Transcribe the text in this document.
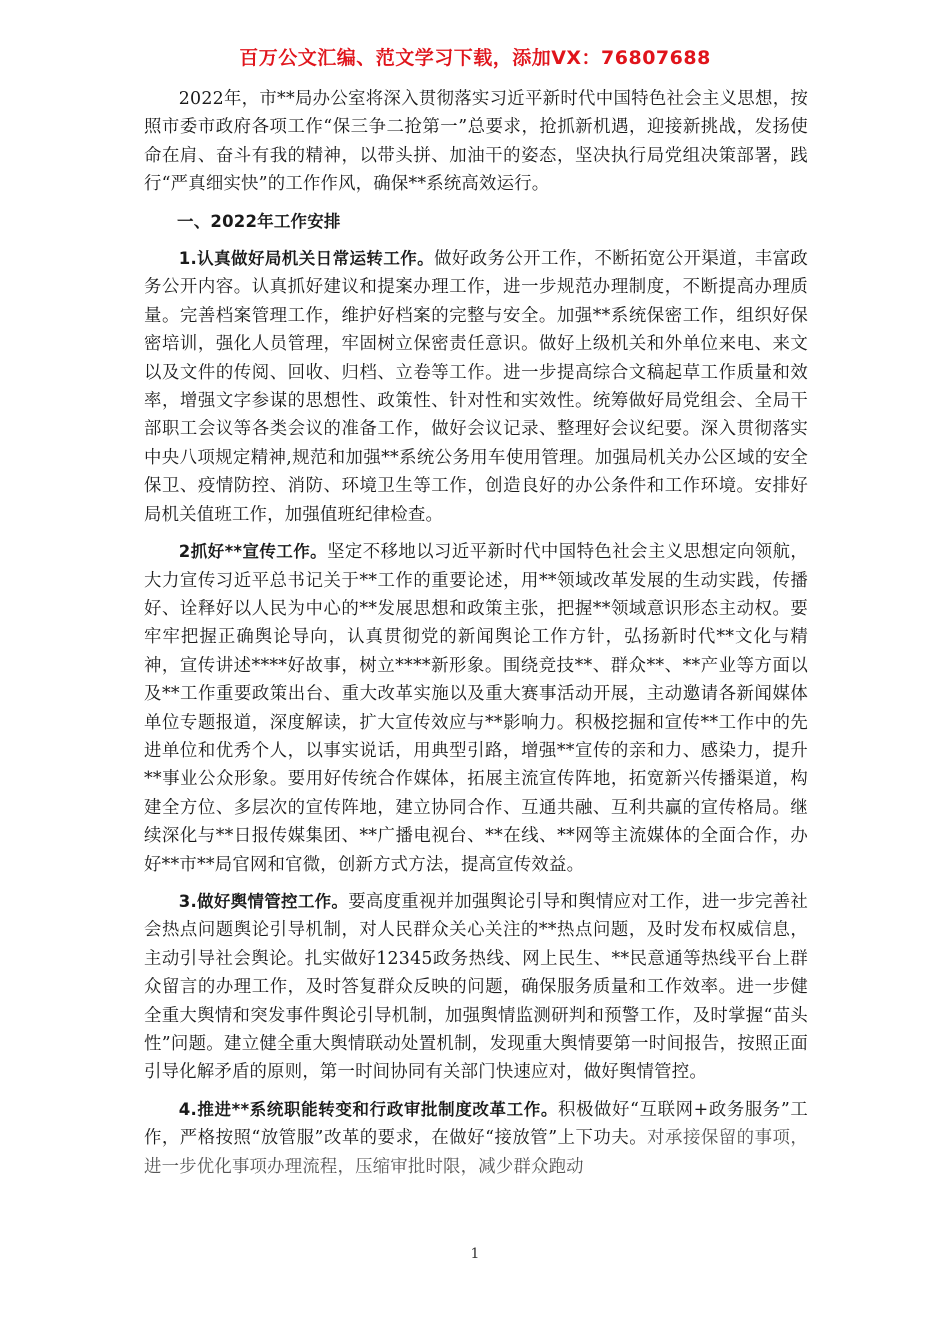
百万公文汇编、范文学习下载，添加VX：76807688

2022年，市**局办公室将深入贯彻落实习近平新时代中国特色社会主义思想，按照市委市政府各项工作“保三争二抢第一”总要求，抢抓新机遇，迎接新挑战，发扬使命在肩、奋斗有我的精神，以带头拼、加油干的姿态，坚决执行局党组决策部署，践行“严真细实快”的工作作风，确保**系统高效运行。

一、2022年工作安排

1.认真做好局机关日常运转工作。做好政务公开工作，不断拓宽公开渠道，丰富政务公开内容。认真抓好建议和提案办理工作，进一步规范办理制度，不断提高办理质量。完善档案管理工作，维护好档案的完整与安全。加强**系统保密工作，组织好保密培训，强化人员管理，牢固树立保密责任意识。做好上级机关和外单位来电、来文以及文件的传阅、回收、归档、立卷等工作。进一步提高综合文稿起草工作质量和效率，增强文字参谋的思想性、政策性、针对性和实效性。统筹做好局党组会、全局干部职工会议等各类会议的准备工作，做好会议记录、整理好会议纪要。深入贯彻落实中央八项规定精神,规范和加强**系统公务用车使用管理。加强局机关办公区域的安全保卫、疫情防控、消防、环境卫生等工作，创造良好的办公条件和工作环境。安排好局机关值班工作，加强值班纪律检查。

2抓好**宣传工作。坚定不移地以习近平新时代中国特色社会主义思想定向领航，大力宣传习近平总书记关于**工作的重要论述，用**领域改革发展的生动实践，传播好、诠释好以人民为中心的**发展思想和政策主张，把握**领域意识形态主动权。要牢牢把握正确舆论导向，认真贯彻党的新闻舆论工作方针，弘扬新时代**文化与精神，宣传讲述****好故事，树立****新形象。围绕竞技**、群众**、**产业等方面以及**工作重要政策出台、重大改革实施以及重大赛事活动开展，主动邀请各新闻媒体单位专题报道，深度解读，扩大宣传效应与**影响力。积极挖掘和宣传**工作中的先进单位和优秀个人，以事实说话，用典型引路，增强**宣传的亲和力、感染力，提升**事业公众形象。要用好传统合作媒体，拓展主流宣传阵地，拓宽新兴传播渠道，构建全方位、多层次的宣传阵地，建立协同合作、互通共融、互利共赢的宣传格局。继续深化与**日报传媒集团、**广播电视台、**在线、**网等主流媒体的全面合作，办好**市**局官网和官微，创新方式方法，提高宣传效益。

3.做好舆情管控工作。要高度重视并加强舆论引导和舆情应对工作，进一步完善社会热点问题舆论引导机制，对人民群众关心关注的**热点问题，及时发布权威信息，主动引导社会舆论。扎实做好12345政务热线、网上民生、**民意通等热线平台上群众留言的办理工作，及时答复群众反映的问题，确保服务质量和工作效率。进一步健全重大舆情和突发事件舆论引导机制，加强舆情监测研判和预警工作，及时掌握“苗头性”问题。建立健全重大舆情联动处置机制，发现重大舆情要第一时间报告，按照正面引导化解矛盾的原则，第一时间协同有关部门快速应对，做好舆情管控。

4.推进**系统职能转变和行政审批制度改革工作。积极做好“互联网+政务服务”工作，严格按照“放管服”改革的要求，在做好“接放管”上下功夫。对承接保留的事项，进一步优化事项办理流程，压缩审批时限，减少群众跑动

1
